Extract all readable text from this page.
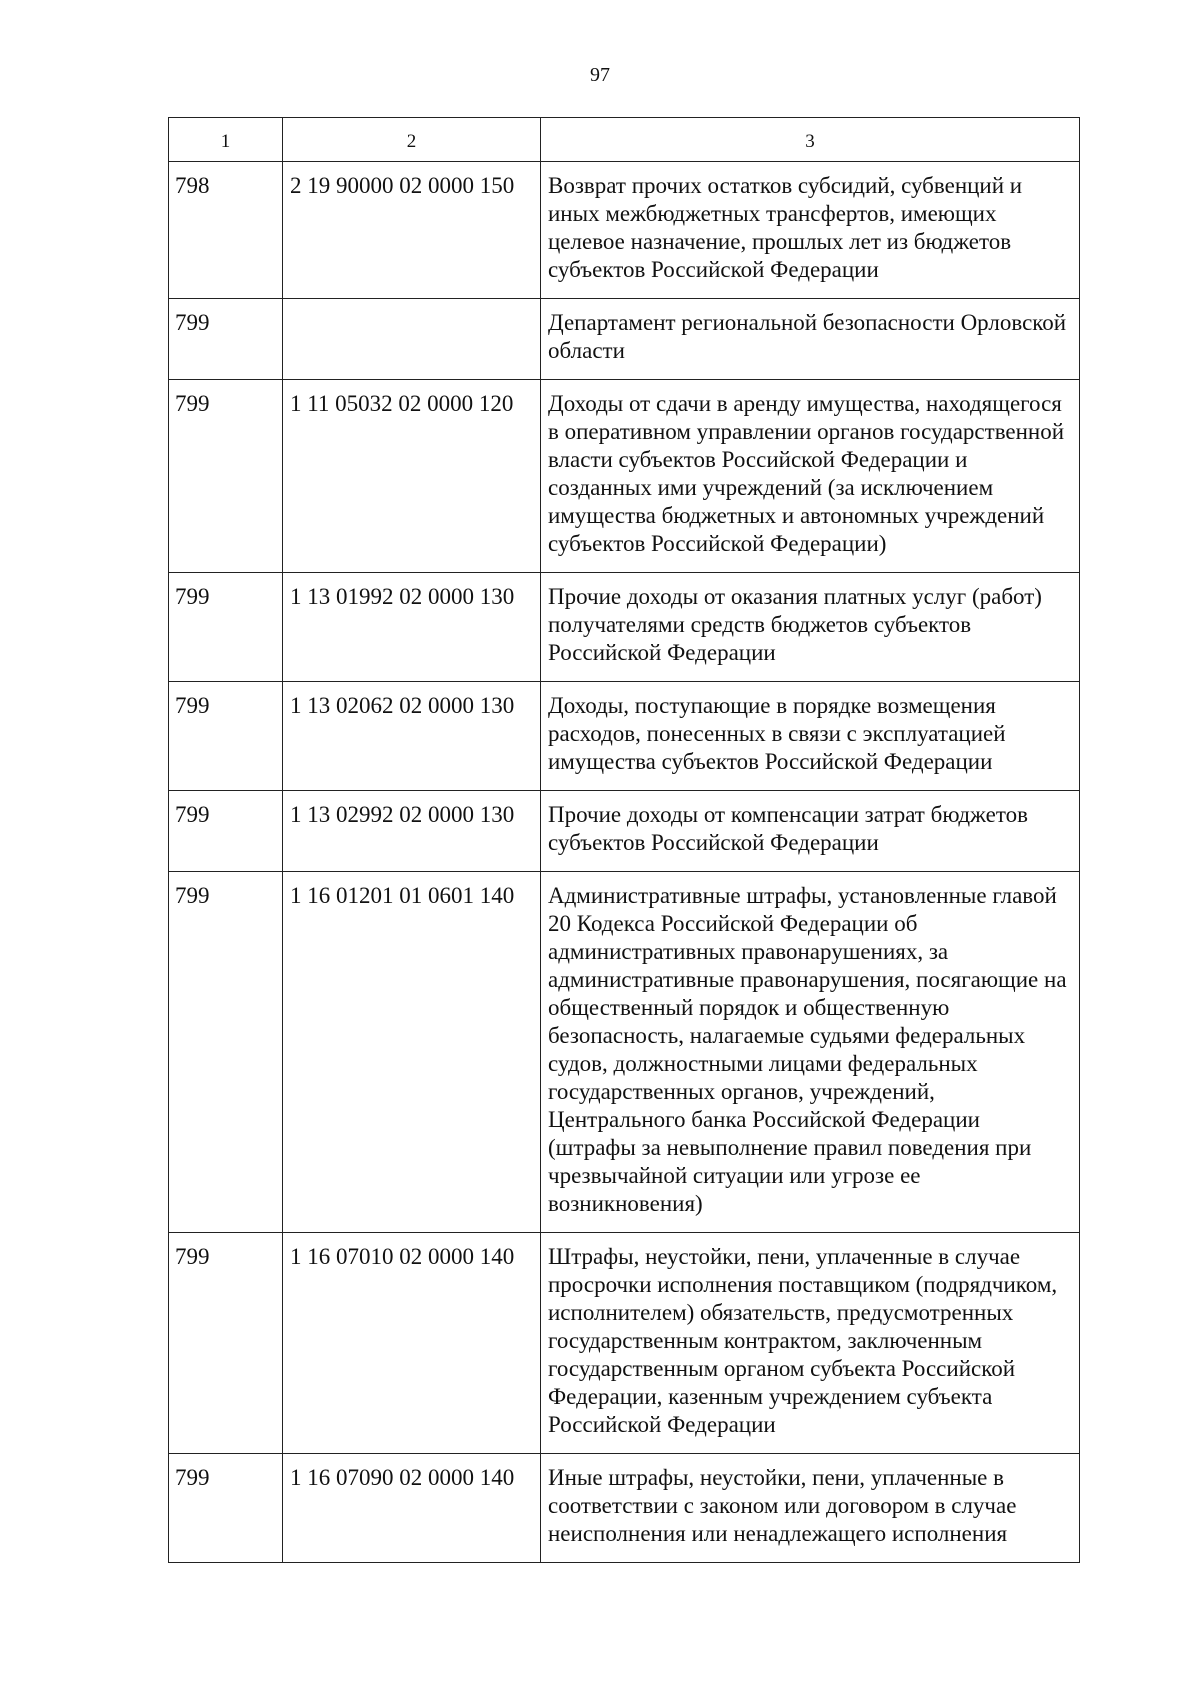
97
1	2	3
798	2 19 90000 02 0000 150	Возврат прочих остатков субсидий, субвенций и иных межбюджетных трансфертов, имеющих целевое назначение, прошлых лет из бюджетов субъектов Российской Федерации
799		Департамент региональной безопасности Орловской области
799	1 11 05032 02 0000 120	Доходы от сдачи в аренду имущества, находящегося в оперативном управлении органов государственной власти субъектов Российской Федерации и созданных ими учреждений (за исключением имущества бюджетных и автономных учреждений субъектов Российской Федерации)
799	1 13 01992 02 0000 130	Прочие доходы от оказания платных услуг (работ) получателями средств бюджетов субъектов Российской Федерации
799	1 13 02062 02 0000 130	Доходы, поступающие в порядке возмещения расходов, понесенных в связи с эксплуатацией имущества субъектов Российской Федерации
799	1 13 02992 02 0000 130	Прочие доходы от компенсации затрат бюджетов субъектов Российской Федерации
799	1 16 01201 01 0601 140	Административные штрафы, установленные главой 20 Кодекса Российской Федерации об административных правонарушениях, за административные правонарушения, посягающие на общественный порядок и общественную безопасность, налагаемые судьями федеральных судов, должностными лицами федеральных государственных органов, учреждений, Центрального банка Российской Федерации (штрафы за невыполнение правил поведения при чрезвычайной ситуации или угрозе ее возникновения)
799	1 16 07010 02 0000 140	Штрафы, неустойки, пени, уплаченные в случае просрочки исполнения поставщиком (подрядчиком, исполнителем) обязательств, предусмотренных государственным контрактом, заключенным государственным органом субъекта Российской Федерации, казенным учреждением субъекта Российской Федерации
799	1 16 07090 02 0000 140	Иные штрафы, неустойки, пени, уплаченные в соответствии с законом или договором в случае неисполнения или ненадлежащего исполнения
